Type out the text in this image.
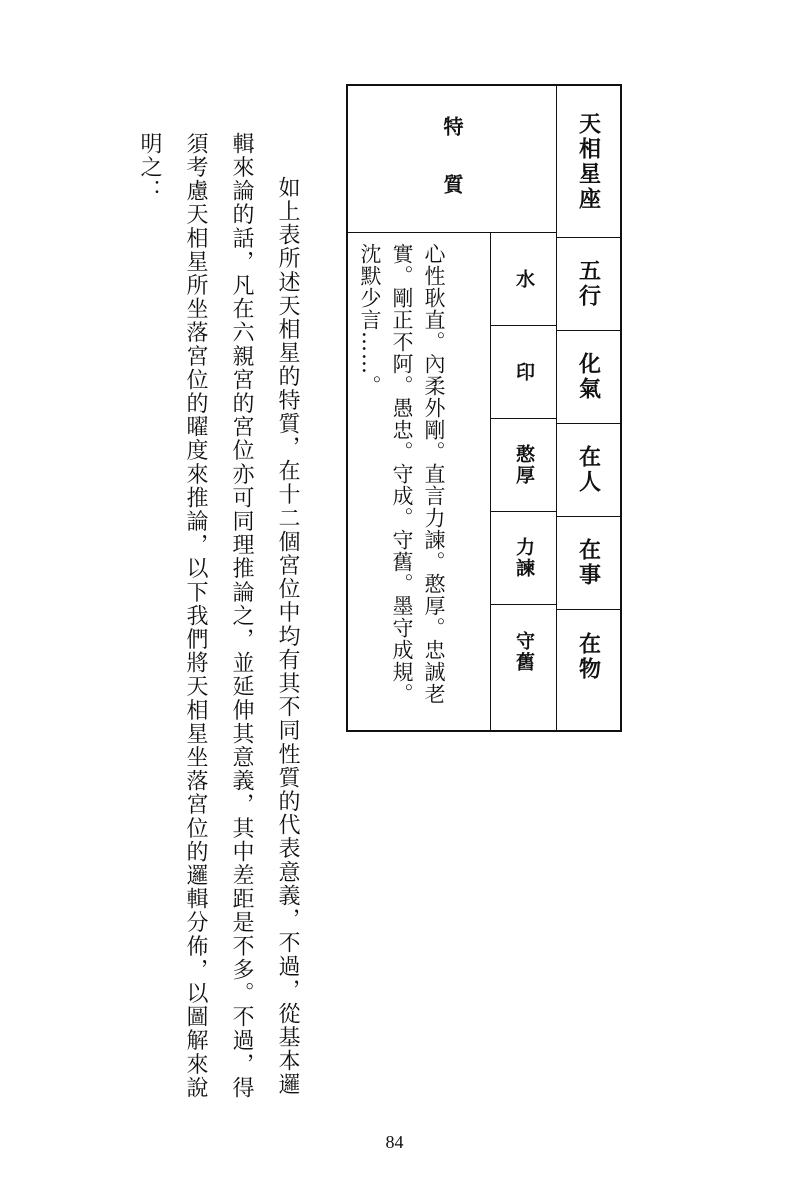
天相星座
五行
化氣
在人
在事
在物
特質
水
印
憨厚
力諫
守舊
心性耿直。內柔外剛。直言力諫。憨厚。忠誠老實。剛正不阿。愚忠。守成。守舊。墨守成規。沈默少言……。

如上表所述天相星的特質，在十二個宮位中均有其不同性質的代表意義，不過，從基本邏輯來論的話，凡在六親宮的宮位亦可同理推論之，並延伸其意義，其中差距是不多。不過，得須考慮天相星所坐落宮位的曜度來推論，以下我們將天相星坐落宮位的邏輯分佈，以圖解來說明之：

84
